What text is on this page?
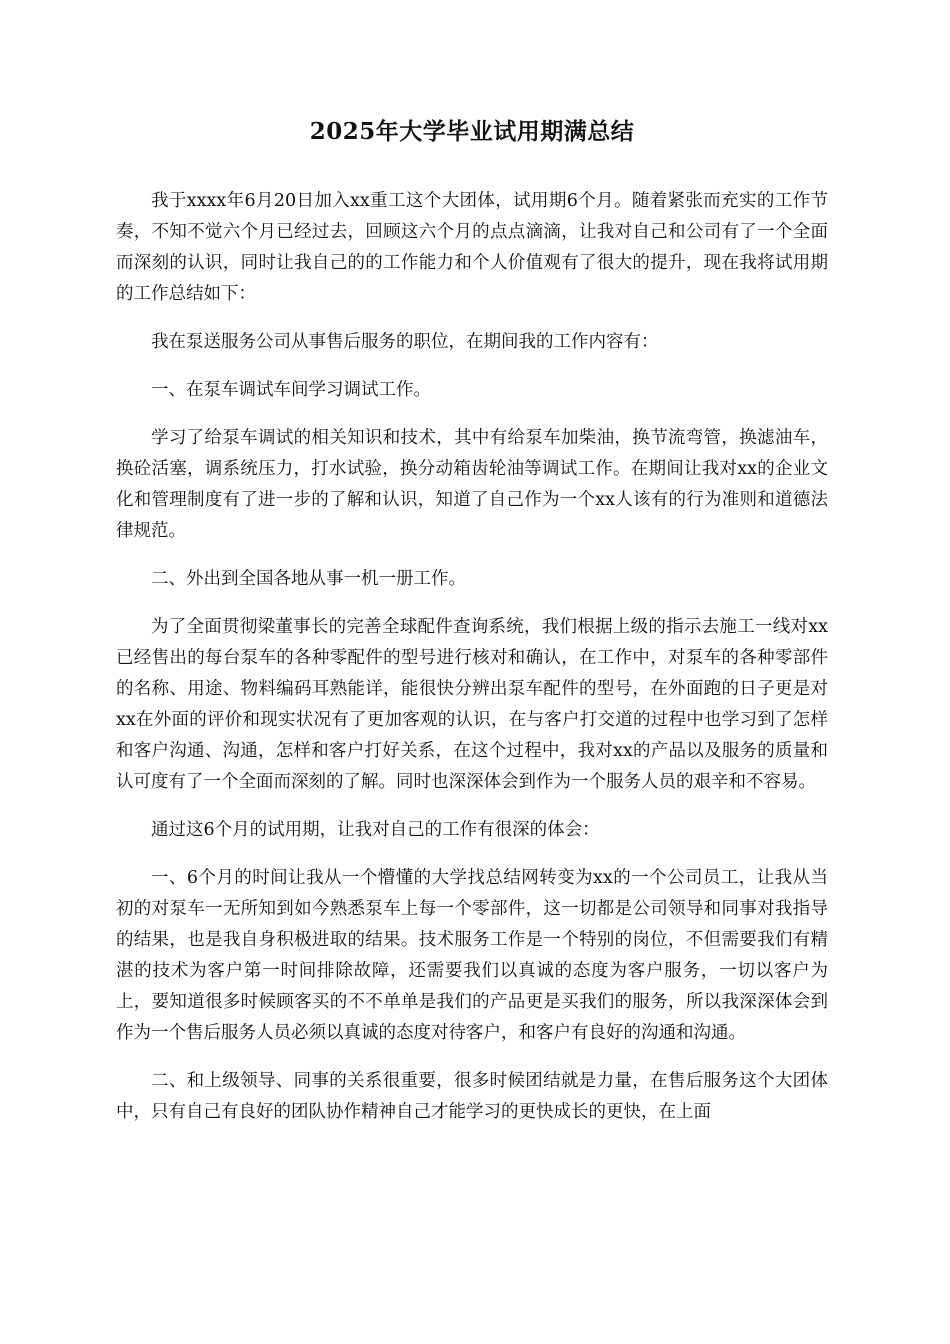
2025年大学毕业试用期满总结

我于xxxx年6月20日加入xx重工这个大团体，试用期6个月。随着紧张而充实的工作节奏，不知不觉六个月已经过去，回顾这六个月的点点滴滴，让我对自己和公司有了一个全面而深刻的认识，同时让我自己的的工作能力和个人价值观有了很大的提升，现在我将试用期的工作总结如下：

我在泵送服务公司从事售后服务的职位，在期间我的工作内容有：

一、在泵车调试车间学习调试工作。

学习了给泵车调试的相关知识和技术，其中有给泵车加柴油，换节流弯管，换滤油车，换砼活塞，调系统压力，打水试验，换分动箱齿轮油等调试工作。在期间让我对xx的企业文化和管理制度有了进一步的了解和认识，知道了自己作为一个xx人该有的行为准则和道德法律规范。

二、外出到全国各地从事一机一册工作。

为了全面贯彻梁董事长的完善全球配件查询系统，我们根据上级的指示去施工一线对xx已经售出的每台泵车的各种零配件的型号进行核对和确认，在工作中，对泵车的各种零部件的名称、用途、物料编码耳熟能详，能很快分辨出泵车配件的型号，在外面跑的日子更是对xx在外面的评价和现实状况有了更加客观的认识，在与客户打交道的过程中也学习到了怎样和客户沟通、沟通，怎样和客户打好关系，在这个过程中，我对xx的产品以及服务的质量和认可度有了一个全面而深刻的了解。同时也深深体会到作为一个服务人员的艰辛和不容易。

通过这6个月的试用期，让我对自己的工作有很深的体会：

一、6个月的时间让我从一个懵懂的大学找总结网转变为xx的一个公司员工，让我从当初的对泵车一无所知到如今熟悉泵车上每一个零部件，这一切都是公司领导和同事对我指导的结果，也是我自身积极进取的结果。技术服务工作是一个特别的岗位，不但需要我们有精湛的技术为客户第一时间排除故障，还需要我们以真诚的态度为客户服务，一切以客户为上，要知道很多时候顾客买的不不单单是我们的产品更是买我们的服务，所以我深深体会到作为一个售后服务人员必须以真诚的态度对待客户，和客户有良好的沟通和沟通。

二、和上级领导、同事的关系很重要，很多时候团结就是力量，在售后服务这个大团体中，只有自己有良好的团队协作精神自己才能学习的更快成长的更快，在上面
